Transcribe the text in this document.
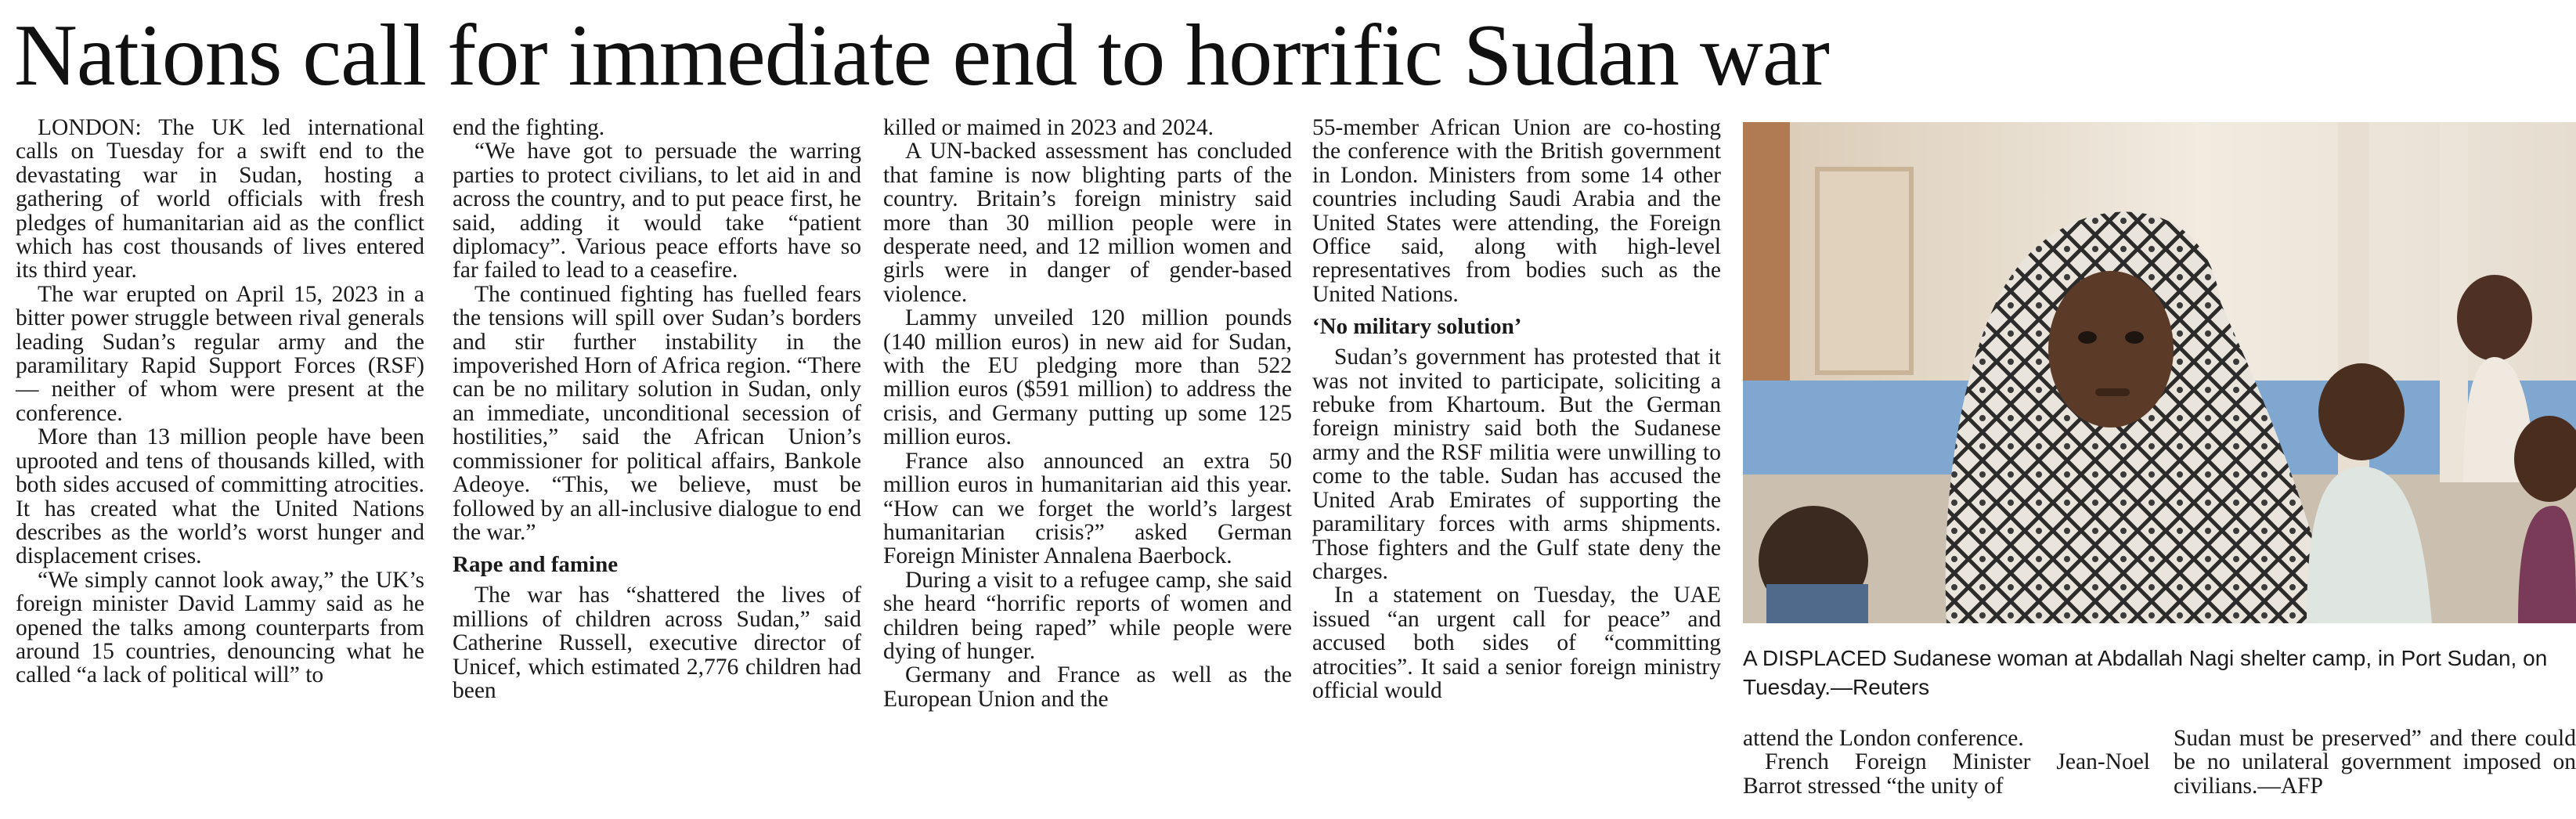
Nations call for immediate end to horrific Sudan war

LONDON: The UK led international calls on Tuesday for a swift end to the devastating war in Sudan, hosting a gathering of world officials with fresh pledges of humanitarian aid as the conflict which has cost thousands of lives entered its third year.

The war erupted on April 15, 2023 in a bitter power struggle between rival generals leading Sudan’s regular army and the paramilitary Rapid Support Forces (RSF) — neither of whom were present at the conference.

More than 13 million people have been uprooted and tens of thousands killed, with both sides accused of committing atrocities. It has created what the United Nations describes as the world’s worst hunger and displacement crises.

“We simply cannot look away,” the UK’s foreign minister David Lammy said as he opened the talks among counterparts from around 15 countries, denouncing what he called “a lack of political will” to

end the fighting.

“We have got to persuade the warring parties to protect civilians, to let aid in and across the country, and to put peace first, he said, adding it would take “patient diplomacy”. Various peace efforts have so far failed to lead to a ceasefire.

The continued fighting has fuelled fears the tensions will spill over Sudan’s borders and stir further instability in the impoverished Horn of Africa region. “There can be no military solution in Sudan, only an immediate, unconditional secession of hostilities,” said the African Union’s commissioner for political affairs, Bankole Adeoye. “This, we believe, must be followed by an all-inclusive dialogue to end the war.”

Rape and famine

The war has “shattered the lives of millions of children across Sudan,” said Catherine Russell, executive director of Unicef, which estimated 2,776 children had been

killed or maimed in 2023 and 2024.

A UN-backed assessment has concluded that famine is now blighting parts of the country. Britain’s foreign ministry said more than 30 million people were in desperate need, and 12 million women and girls were in danger of gender-based violence.

Lammy unveiled 120 million pounds (140 million euros) in new aid for Sudan, with the EU pledging more than 522 million euros ($591 million) to address the crisis, and Germany putting up some 125 million euros.

France also announced an extra 50 million euros in humanitarian aid this year. “How can we forget the world’s largest humanitarian crisis?” asked German Foreign Minister Annalena Baerbock.

During a visit to a refugee camp, she said she heard “horrific reports of women and children being raped” while people were dying of hunger.

Germany and France as well as the European Union and the

55-member African Union are co-hosting the conference with the British government in London. Ministers from some 14 other countries including Saudi Arabia and the United States were attending, the Foreign Office said, along with high-level representatives from bodies such as the United Nations.

‘No military solution’

Sudan’s government has protested that it was not invited to participate, soliciting a rebuke from Khartoum. But the German foreign ministry said both the Sudanese army and the RSF militia were unwilling to come to the table. Sudan has accused the United Arab Emirates of supporting the paramilitary forces with arms shipments. Those fighters and the Gulf state deny the charges.

In a statement on Tuesday, the UAE issued “an urgent call for peace” and accused both sides of “committing atrocities”. It said a senior foreign ministry official would

A DISPLACED Sudanese woman at Abdallah Nagi shelter camp, in Port Sudan, on Tuesday.—Reuters

attend the London conference.

French Foreign Minister Jean-Noel Barrot stressed “the unity of

Sudan must be preserved” and there could be no unilateral government imposed on civilians.—AFP
